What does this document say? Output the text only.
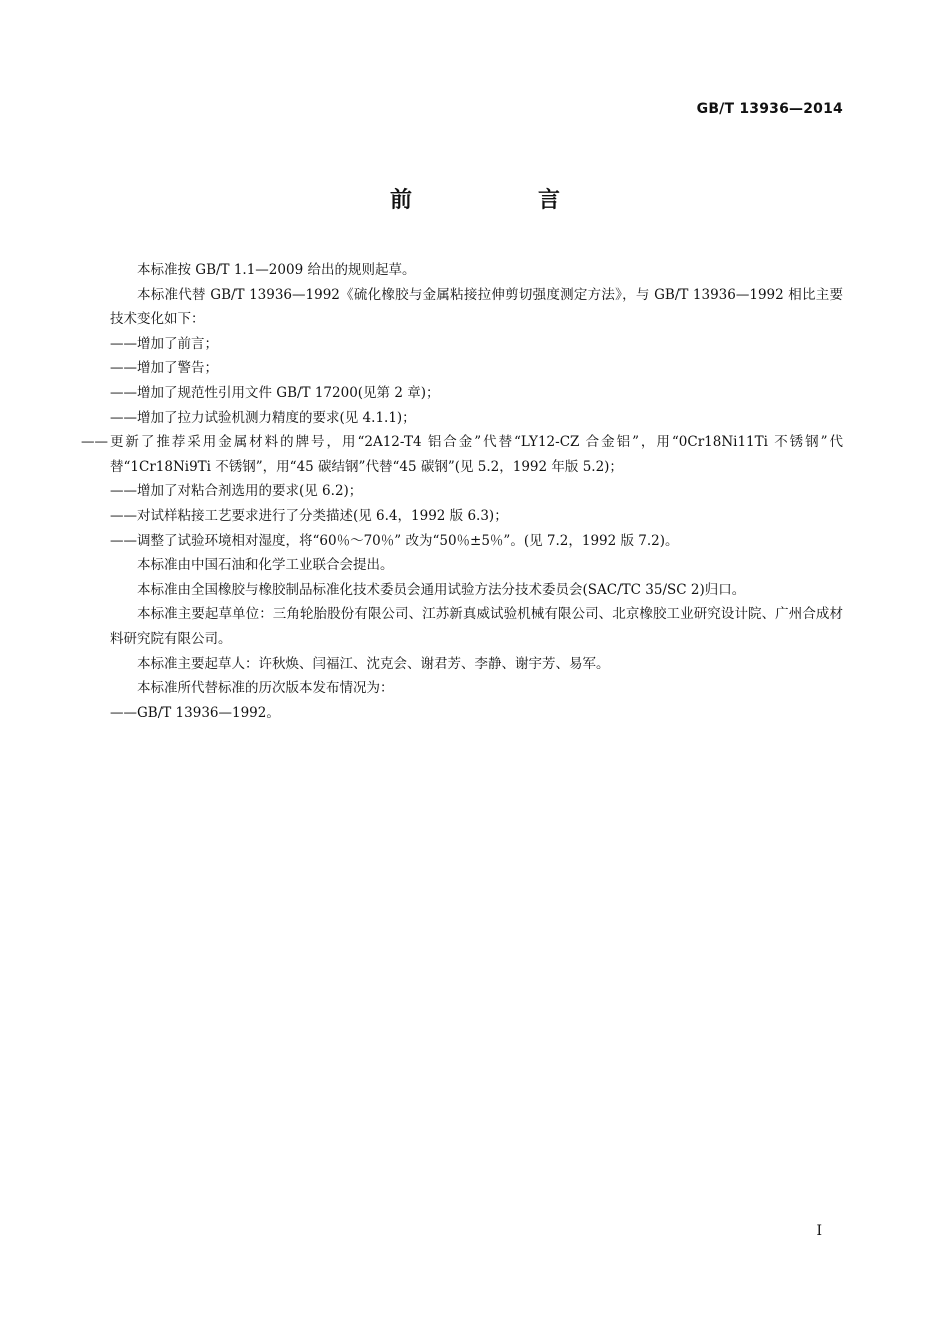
GB/T 13936—2014
前　言

本标准按 GB/T 1.1—2009 给出的规则起草。

本标准代替 GB/T 13936—1992《硫化橡胶与金属粘接拉伸剪切强度测定方法》，与 GB/T 13936—1992 相比主要技术变化如下：

——增加了前言；

——增加了警告；

——增加了规范性引用文件 GB/T 17200(见第 2 章)；

——增加了拉力试验机测力精度的要求(见 4.1.1)；

——更新了推荐采用金属材料的牌号，用“2A12-T4 铝合金”代替“LY12-CZ 合金铝”，用“0Cr18Ni11Ti 不锈钢”代替“1Cr18Ni9Ti 不锈钢”，用“45 碳结钢”代替“45 碳钢”(见 5.2，1992 年版 5.2)；

——增加了对粘合剂选用的要求(见 6.2)；

——对试样粘接工艺要求进行了分类描述(见 6.4，1992 版 6.3)；

——调整了试验环境相对湿度，将“60％～70％” 改为“50％±5％”。(见 7.2，1992 版 7.2)。

本标准由中国石油和化学工业联合会提出。

本标准由全国橡胶与橡胶制品标准化技术委员会通用试验方法分技术委员会(SAC/TC 35/SC 2)归口。

本标准主要起草单位：三角轮胎股份有限公司、江苏新真威试验机械有限公司、北京橡胶工业研究设计院、广州合成材料研究院有限公司。

本标准主要起草人：许秋焕、闫福江、沈克会、谢君芳、李静、谢宇芳、易军。

本标准所代替标准的历次版本发布情况为：

——GB/T 13936—1992。

I
